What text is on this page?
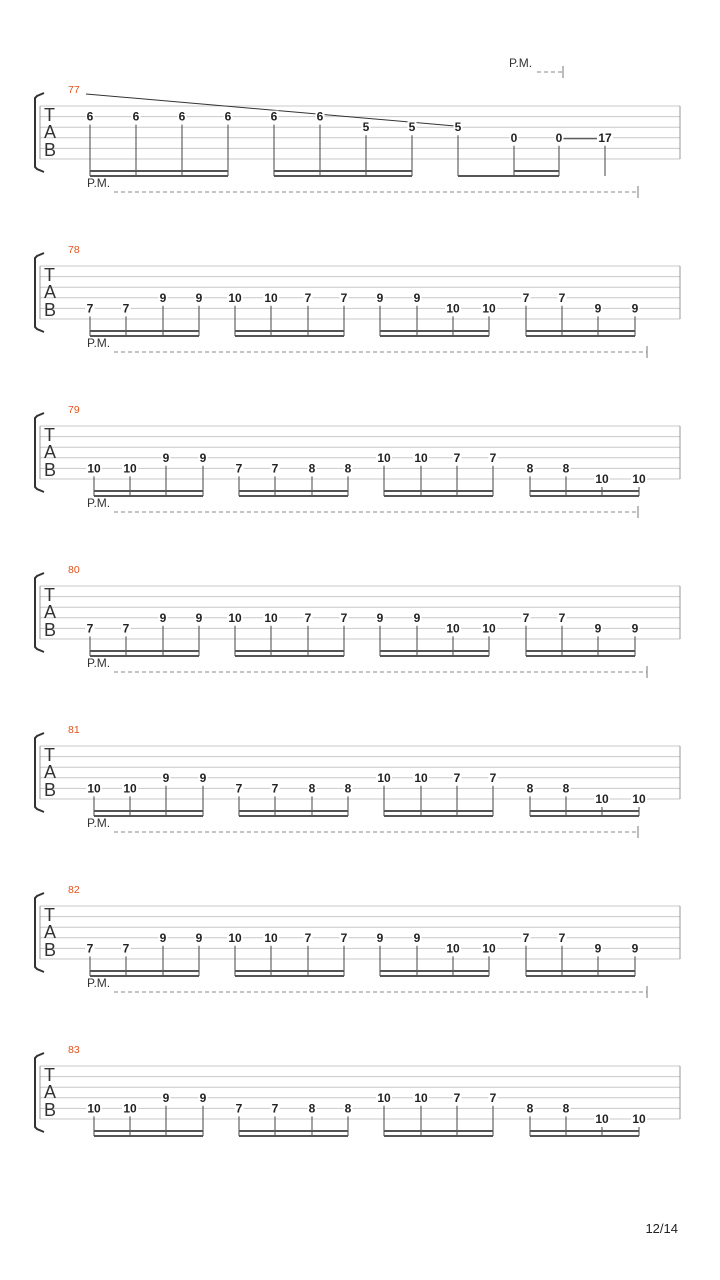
P.M.
77
T
A
B
6	6	6	6	6	6
5	5	5
0	0	17
P.M.
78
T
A
B	7 7
9 9 10 10 7 7 9	9
10 10
7 7
9	9
P.M.
79
T
A
B	10 10
9	9
7 7	8 8
10 10 7 7
8 8
10 10
P.M.
80
T
A
B	7 7
9 9 10 10 7 7 9	9
10 10
7 7
9	9
P.M.
81
T
A
B	10 10
9	9
7 7	8 8
10 10 7 7
8 8
10 10
P.M.
82
T
A
B	7 7
9 9 10 10 7 7 9	9
10 10
7 7
9	9
P.M.
83
T
A
B	10 10
9	9
7 7	8 8
10 10 7 7
8 8
10 10
12/14
